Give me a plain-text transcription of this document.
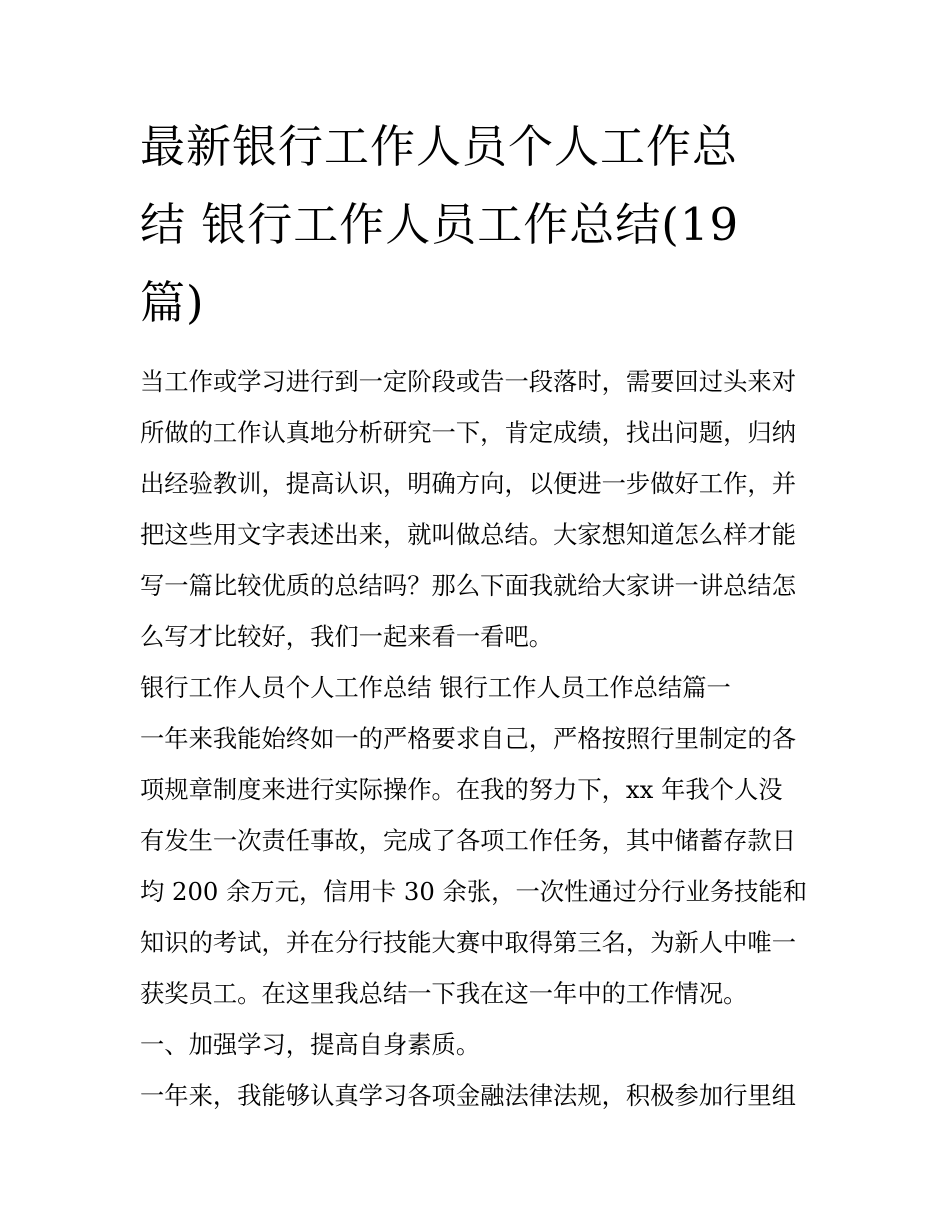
最新银行工作人员个人工作总
结 银行工作人员工作总结(19
篇)

当工作或学习进行到一定阶段或告一段落时，需要回过头来对

所做的工作认真地分析研究一下，肯定成绩，找出问题，归纳

出经验教训，提高认识，明确方向，以便进一步做好工作，并

把这些用文字表述出来，就叫做总结。大家想知道怎么样才能

写一篇比较优质的总结吗？那么下面我就给大家讲一讲总结怎

么写才比较好，我们一起来看一看吧。

银行工作人员个人工作总结 银行工作人员工作总结篇一

一年来我能始终如一的严格要求自己，严格按照行里制定的各

项规章制度来进行实际操作。在我的努力下，xx 年我个人没

有发生一次责任事故，完成了各项工作任务，其中储蓄存款日

均 200 余万元，信用卡 30 余张，一次性通过分行业务技能和

知识的考试，并在分行技能大赛中取得第三名，为新人中唯一

获奖员工。在这里我总结一下我在这一年中的工作情况。

一、加强学习，提高自身素质。

一年来，我能够认真学习各项金融法律法规，积极参加行里组
